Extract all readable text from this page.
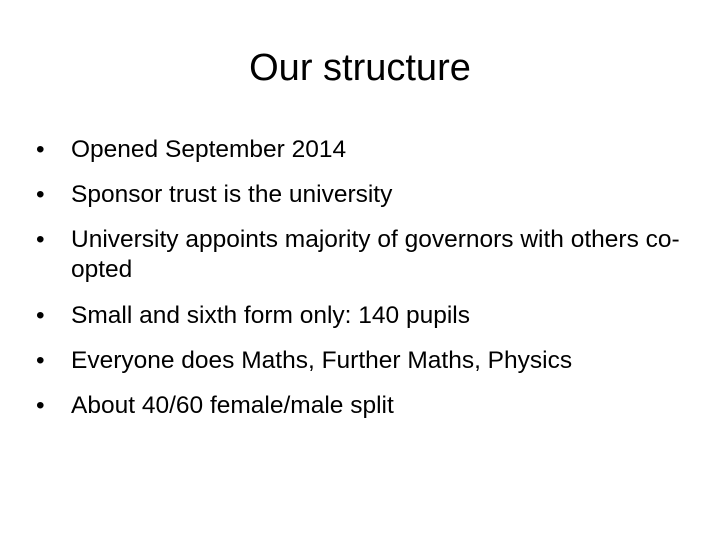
Our structure
•	Opened September 2014
•	Sponsor trust is the university
•	University appoints majority of governors with others co-opted
•	Small and sixth form only: 140 pupils
•	Everyone does Maths, Further Maths, Physics
•	About 40/60 female/male split
